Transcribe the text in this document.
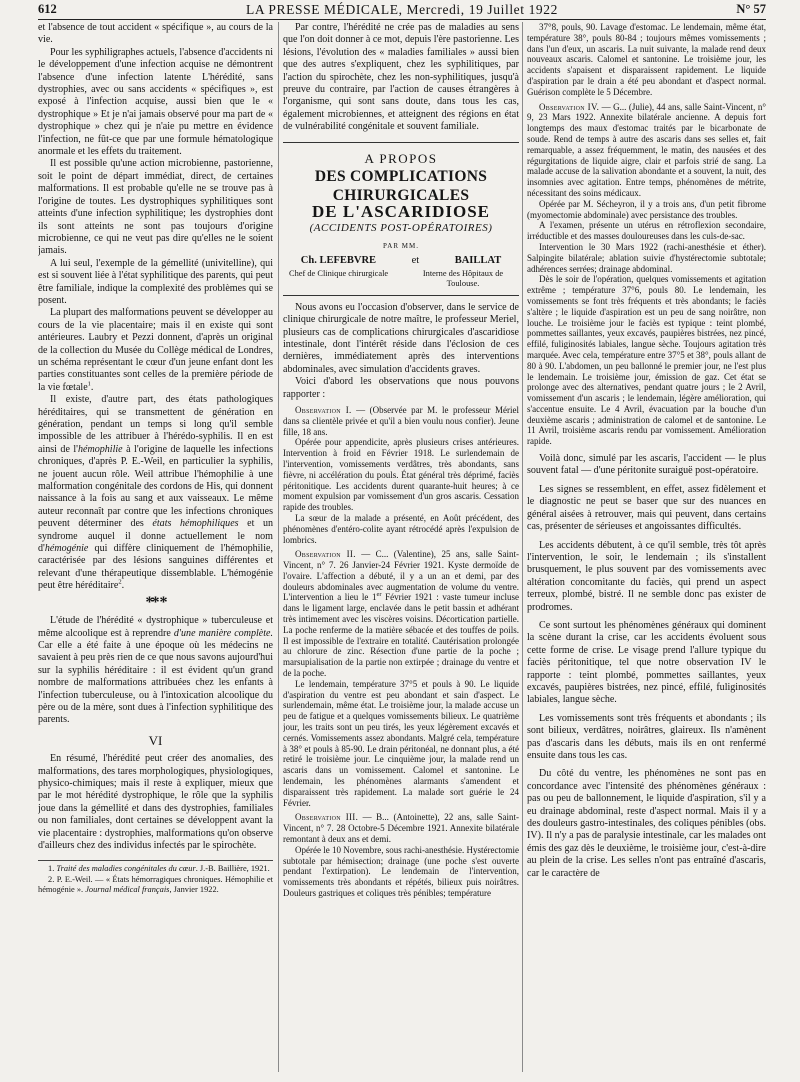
612	LA PRESSE MÉDICALE, Mercredi, 19 Juillet 1922	N° 57

et l'absence de tout accident « spécifique », au cours de la vie.

Pour les syphiligraphes actuels, l'absence d'accidents ni le développement d'une infection acquise ne démontrent l'absence d'une infection latente L'hérédité, sans dystrophies, avec ou sans accidents « spécifiques », est exposé à l'infection acquise, aussi bien que le « dystrophique » Et je n'ai jamais observé pour ma part de « dystrophique » chez qui je n'aie pu mettre en évidence l'infection, ne fût-ce que par une formule hématologique anormale et les effets du traitement.

Il est possible qu'une action microbienne, pastorienne, soit le point de départ immédiat, direct, de certaines malformations. Il est probable qu'elle ne se trouve pas à l'origine de toutes. Les dystrophiques syphilitiques sont atteints d'une infection syphilitique; les dystrophies dont ils sont atteints ne sont pas toujours d'origine microbienne, ce qui ne veut pas dire qu'elles ne le soient jamais.

A lui seul, l'exemple de la gémellité (univitelline), qui est si souvent liée à l'état syphilitique des parents, qui peut être familiale, indique la complexité des problèmes qui se posent.

La plupart des malformations peuvent se développer au cours de la vie placentaire; mais il en existe qui sont antérieures. Laubry et Pezzi donnent, d'après un original de la collection du Musée du Collège médical de Londres, un schéma représentant le cœur d'un jeune enfant dont les parties constituantes sont celles de la première période de la vie fœtale$^1$.

Il existe, d'autre part, des états pathologiques héréditaires, qui se transmettent de génération en génération, pendant un temps si long qu'il semble impossible de les attribuer à l'hérédo-syphilis. Il en est ainsi de l'hémophilie à l'origine de laquelle les infections chroniques, d'après P. E.-Weil, en particulier la syphilis, ne jouent aucun rôle. Weil attribue l'hémophilie à une malformation congénitale des cordons de His, qui donnent naissance à la fois au sang et aux vaisseaux. Le même auteur reconnaît par contre que les infections chroniques peuvent déterminer des états hémophiliques et un syndrome auquel il donne actuellement le nom d'hémogénie qui diffère cliniquement de l'hémophilie, caractérisée par des lésions sanguines différentes et relevant d'une thérapeutique dissemblable. L'hémogénie peut être héréditaire$^2$.

** *

L'étude de l'hérédité « dystrophique » tuberculeuse et même alcoolique est à reprendre d'une manière complète. Car elle a été faite à une époque où les médecins ne savaient à peu près rien de ce que nous savons aujourd'hui sur la syphilis héréditaire : il est évident qu'un grand nombre de malformations attribuées chez les enfants à l'infection tuberculeuse, ou à l'intoxication alcoolique du père ou de la mère, sont dues à l'infection syphilitique des parents.

VI

En résumé, l'hérédité peut créer des anomalies, des malformations, des tares morphologiques, physiologiques, physico-chimiques; mais il reste à expliquer, mieux que par le mot hérédité dystrophique, le rôle que la syphilis joue dans la gémellité et dans des dystrophies, familiales ou non familiales, dont certaines se développent avant la vie placentaire : dystrophies, malformations qu'on observe d'ailleurs chez des individus infectés par le spirochète.

1. Traité des maladies congénitales du cœur. J.-B. Baillière, 1921.

2. P. E.-Weil. — « États hémorragiques chroniques. Hémophilie et hémogénie ». Journal médical français, Janvier 1922.

Par contre, l'hérédité ne crée pas de maladies au sens que l'on doit donner à ce mot, depuis l'ère pastorienne. Les lésions, l'évolution des « maladies familiales » aussi bien que des autres s'expliquent, chez les syphilitiques, par l'action du spirochète, chez les non-syphilitiques, jusqu'à preuve du contraire, par l'action de causes étrangères à l'organisme, qui sont sans doute, dans tous les cas, également microbiennes, et atteignent des régions en état de vulnérabilité congénitale et souvent familiale.

A PROPOS
DES COMPLICATIONS CHIRURGICALES
DE L'ASCARIDIOSE
(ACCIDENTS POST-OPÉRATOIRES)
PAR MM.
Ch. LEFEBVRE	et	BAILLAT
Chef de Clinique chirurgicale	Interne des Hôpitaux de Toulouse.

Nous avons eu l'occasion d'observer, dans le service de clinique chirurgicale de notre maître, le professeur Meriel, plusieurs cas de complications chirurgicales d'ascaridiose intestinale, dont l'intérêt réside dans l'éclosion de ces dernières, immédiatement après des interventions abdominales, avec simulation d'accidents graves.

Voici d'abord les observations que nous pouvons rapporter :

Observation I. — (Observée par M. le professeur Mériel dans sa clientèle privée et qu'il a bien voulu nous confier). Jeune fille, 18 ans.

Opérée pour appendicite, après plusieurs crises antérieures. Intervention à froid en Février 1918. Le surlendemain de l'intervention, vomissements verdâtres, très abondants, sans fièvre, ni accélération du pouls. État général très déprimé, faciès péritonitique. Les accidents durent quarante-huit heures; à ce moment expulsion par vomissement d'un gros ascaris. Cessation rapide des troubles.

La sœur de la malade a présenté, en Août précédent, des phénomènes d'entéro-colite ayant rétrocédé après l'expulsion de lombrics.

Observation II. — C... (Valentine), 25 ans, salle Saint-Vincent, n° 7. 26 Janvier-24 Février 1921. Kyste dermoïde de l'ovaire. L'affection a débuté, il y a un an et demi, par des douleurs abdominales avec augmentation de volume du ventre. L'intervention a lieu le 1er Février 1921 : vaste tumeur incluse dans le ligament large, enclavée dans le petit bassin et adhérant très intimement avec les viscères voisins. Décortication partielle. La poche renferme de la matière sébacée et des touffes de poils. Il est impossible de l'extraire en totalité. Cautérisation prolongée au chlorure de zinc. Résection d'une partie de la poche ; marsupialisation de la partie non extirpée ; drainage du ventre et de la poche.

Le lendemain, température 37°5 et pouls à 90. Le liquide d'aspiration du ventre est peu abondant et sain d'aspect. Le surlendemain, même état. Le troisième jour, la malade accuse un peu de fatigue et a quelques vomissements bilieux. Le quatrième jour, les traits sont un peu tirés, les yeux légèrement excavés et cernés. Vomissements assez abondants. Malgré cela, température à 38° et pouls à 85-90. Le drain péritonéal, ne donnant plus, a été retiré le troisième jour. Le cinquième jour, la malade rend un ascaris dans un vomissement. Calomel et santonine. Le lendemain, les phénomènes alarmants s'amendent et disparaissent très rapidement. La malade sort guérie le 24 Février.

Observation III. — B... (Antoinette), 22 ans, salle Saint-Vincent, n° 7. 28 Octobre-5 Décembre 1921. Annexite bilatérale remontant à deux ans et demi.

Opérée le 10 Novembre, sous rachi-anesthésie. Hystérectomie subtotale par hémisection; drainage (une poche s'est ouverte pendant l'extirpation). Le lendemain de l'intervention, vomissements très abondants et répétés, bilieux puis noirâtres. Douleurs gastriques et coliques très pénibles; température

37°8, pouls, 90. Lavage d'estomac. Le lendemain, même état, température 38°, pouls 80-84 ; toujours mêmes vomissements ; dans l'un d'eux, un ascaris. La nuit suivante, la malade rend deux nouveaux ascaris. Calomel et santonine. Le troisième jour, les accidents s'apaisent et disparaissent rapidement. Le liquide d'aspiration par le drain a été peu abondant et d'aspect normal. Guérison complète le 5 Décembre.

Observation IV. — G... (Julie), 44 ans, salle Saint-Vincent, n° 9, 23 Mars 1922. Annexite bilatérale ancienne. A depuis fort longtemps des maux d'estomac traités par le bicarbonate de soude. Rend de temps à autre des ascaris dans ses selles et, fait remarquable, a assez fréquemment, le matin, des nausées et des régurgitations de liquide aigre, clair et parfois strié de sang. La malade accuse de la salivation abondante et a souvent, la nuit, des insomnies avec agitation. Entre temps, phénomènes de métrite, nécessitant des soins médicaux.

Opérée par M. Sécheyron, il y a trois ans, d'un petit fibrome (myomectomie abdominale) avec persistance des troubles.

A l'examen, présente un utérus en rétroflexion secondaire, irréductible et des masses douloureuses dans les culs-de-sac.

Intervention le 30 Mars 1922 (rachi-anesthésie et éther). Salpingite bilatérale; ablation suivie d'hystérectomie subtotale; adhérences serrées; drainage abdominal.

Dès le soir de l'opération, quelques vomissements et agitation extrême ; température 37°6, pouls 80. Le lendemain, les vomissements se font très fréquents et très abondants; le faciès s'altère ; le liquide d'aspiration est un peu de sang noirâtre, non louche. Le troisième jour le faciès est typique : teint plombé, pommettes saillantes, yeux excavés, paupières bistrées, nez pincé, effilé, fuliginosités labiales, langue sèche. Toujours agitation très marquée. Avec cela, température entre 37°5 et 38°, pouls allant de 80 à 90. L'abdomen, un peu ballonné le premier jour, ne l'est plus le lendemain. Le troisième jour, émission de gaz. Cet état se prolonge avec des alternatives, pendant quatre jours ; le 2 Avril, vomissement d'un ascaris ; le lendemain, légère amélioration, qui s'accentue ensuite. Le 4 Avril, évacuation par la bouche d'un deuxième ascaris ; administration de calomel et de santonine. Le 11 Avril, troisième ascaris rendu par vomissement. Amélioration rapide.

Voilà donc, simulé par les ascaris, l'accident — le plus souvent fatal — d'une péritonite suraiguë post-opératoire.

Les signes se ressemblent, en effet, assez fidèlement et le diagnostic ne peut se baser que sur des nuances en général aisées à retrouver, mais qui peuvent, dans certains cas, présenter de sérieuses et angoissantes difficultés.

Les accidents débutent, à ce qu'il semble, très tôt après l'intervention, le soir, le lendemain ; ils s'installent brusquement, le plus souvent par des vomissements avec altération concomitante du faciès, qui prend un aspect terreux, plombé, bistré. Il ne semble donc pas exister de prodromes.

Ce sont surtout les phénomènes généraux qui dominent la scène durant la crise, car les accidents évoluent sous cette forme de crise. Le visage prend l'allure typique du faciès péritonitique, tel que notre observation IV le rapporte : teint plombé, pommettes saillantes, yeux excavés, paupières bistrées, nez pincé, effilé, fuliginosités labiales, langue sèche.

Les vomissements sont très fréquents et abondants ; ils sont bilieux, verdâtres, noirâtres, glaireux. Ils n'amènent pas d'ascaris dans les débuts, mais ils en ont renfermé ensuite dans tous les cas.

Du côté du ventre, les phénomènes ne sont pas en concordance avec l'intensité des phénomènes généraux : pas ou peu de ballonnement, le liquide d'aspiration, s'il y a eu drainage abdominal, reste d'aspect normal. Mais il y a des douleurs gastro-intestinales, des coliques pénibles (obs. IV). Il n'y a pas de paralysie intestinale, car les malades ont émis des gaz dès le deuxième, le troisième jour, c'est-à-dire au plein de la crise. Les selles n'ont pas entraîné d'ascaris, car le caractère de
